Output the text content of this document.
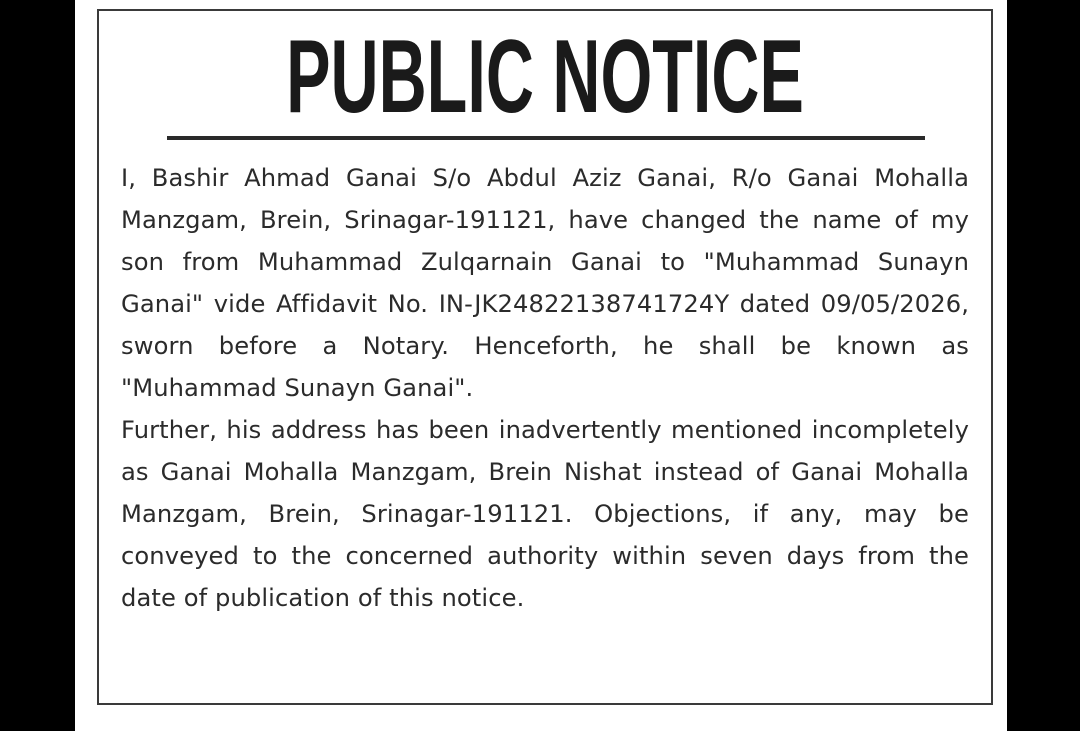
PUBLIC NOTICE

I, Bashir Ahmad Ganai S/o Abdul Aziz Ganai, R/o Ganai Mohalla Manzgam, Brein, Srinagar-191121, have changed the name of my son from Muhammad Zulqarnain Ganai to "Muhammad Sunayn Ganai" vide Affidavit No. IN-JK24822138741724Y dated 09/05/2026, sworn before a Notary. Henceforth, he shall be known as "Muhammad Sunayn Ganai".

Further, his address has been inadvertently mentioned incompletely as Ganai Mohalla Manzgam, Brein Nishat instead of Ganai Mohalla Manzgam, Brein, Srinagar-191121. Objections, if any, may be conveyed to the concerned authority within seven days from the date of publication of this notice.
